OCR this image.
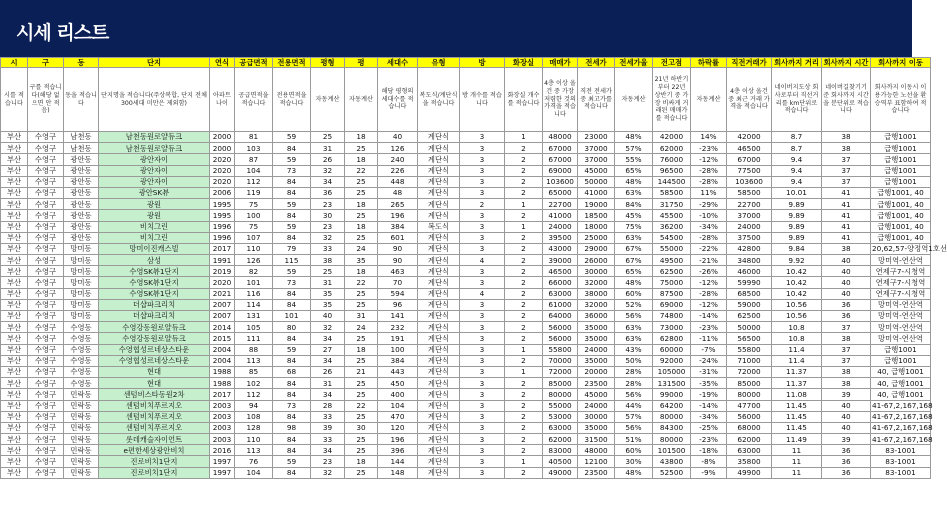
시세 리스트
시	구	동	단지	연식	공급면적	전용면적	평형	평	세대수	유형	방	화장실	매매가	전세가	전세가율	전고점	하락률	직전거래가	회사까지 거리	회사까지 시간	회사까지 이동
시를 적습니다	구를 적습니다(해당 없으면 안 적음)	동을 적습니다	단지명을 적습니다(주상복합, 단지 전체 300세대 미만은 제외함)	아파트 나이	공급면적을 적습니다	전용면적을 적습니다	자동계산	자동계산	해당 평형의 세대수를 적습니다	복도식/계단식을 적습니다	방 개수를 적습니다	화장실 개수를 적습니다	4층 이상 올건 중 가장 저렴한 것의 가격을 적습니다	직전 전세가 중 최고가를 적습니다	자동계산	21년 하반기부터 22년 상반기 중 가장 비싸게 거래된 매매가를 적습니다	자동계산	4층 이상 올건 중 최근 거래 가격을 적습니다	네이버지도상 회사로부터 직선거리를 km단위로 적습니다	네이버길찾기기준 회사까지 시간을 분단위로 적습니다	회사까지 이동시 이용가능한 노선을 환승역부 표함하여 적습니다
부산	수영구	남천동	남천동원로얄듀크	2000	81	59	25	18	40	계단식	3	1	48000	23000	48%	42000	14%	42000	8.7	38	급행1001
부산	수영구	남천동	남천동원로얄듀크	2000	103	84	31	25	126	계단식	3	2	67000	37000	57%	62000	-23%	46500	8.7	38	급행1001
부산	수영구	광안동	광안자이	2020	87	59	26	18	240	계단식	3	2	67000	37000	55%	76000	-12%	67000	9.4	37	급행1001
부산	수영구	광안동	광안자이	2020	104	73	32	22	226	계단식	3	2	69000	45000	65%	96500	-28%	77500	9.4	37	급행1001
부산	수영구	광안동	광안자이	2020	112	84	34	25	448	계단식	3	2	103600	50000	48%	144500	-28%	103600	9.4	37	급행1001
부산	수영구	광안동	광안SK뷰	2006	119	84	36	25	48	계단식	3	2	65000	41000	63%	58500	11%	58500	10.01	41	급행1001, 40
부산	수영구	광안동	광원	1995	75	59	23	18	265	계단식	2	1	22700	19000	84%	31750	-29%	22700	9.89	41	급행1001, 40
부산	수영구	광안동	광원	1995	100	84	30	25	196	계단식	3	2	41000	18500	45%	45500	-10%	37000	9.89	41	급행1001, 40
부산	수영구	광안동	비치그린	1996	75	59	23	18	384	복도식	3	1	24000	18000	75%	36200	-34%	24000	9.89	41	급행1001, 40
부산	수영구	광안동	비치그린	1996	107	84	32	25	601	계단식	3	2	39500	25000	63%	54500	-28%	37500	9.89	41	급행1001, 40
부산	수영구	망미동	망미이진캐스빌	2017	110	79	33	24	90	계단식	3	2	43000	29000	67%	55000	-22%	42800	9.84	38	20,62,57-양정역1호선
부산	수영구	망미동	삼성	1991	126	115	38	35	90	계단식	4	2	39000	26000	67%	49500	-21%	34800	9.92	40	망미역-연산역
부산	수영구	망미동	수영SK뷰1단지	2019	82	59	25	18	463	계단식	3	2	46500	30000	65%	62500	-26%	46000	10.42	40	연제구7-시청역
부산	수영구	망미동	수영SK뷰1단지	2020	101	73	31	22	70	계단식	3	2	66000	32000	48%	75000	-12%	59990	10.42	40	연제구7-시청역
부산	수영구	망미동	수영SK뷰1단지	2021	116	84	35	25	594	계단식	4	2	63000	38000	60%	87500	-28%	68500	10.42	40	연제구7-시청역
부산	수영구	망미동	더샵파크리치	2007	114	84	35	25	96	계단식	3	2	61000	32000	52%	69000	-12%	59000	10.56	36	망미역-연산역
부산	수영구	망미동	더샵파크리치	2007	131	101	40	31	141	계단식	3	2	64000	36000	56%	74800	-14%	62500	10.56	36	망미역-연산역
부산	수영구	수영동	수영강동원로얄듀크	2014	105	80	32	24	232	계단식	3	2	56000	35000	63%	73000	-23%	50000	10.8	37	망미역-연산역
부산	수영구	수영동	수영강동원로얄듀크	2015	111	84	34	25	191	계단식	3	2	56000	35000	63%	62800	-11%	56500	10.8	38	망미역-연산역
부산	수영구	수영동	수영협성르네상스타운	2004	88	59	27	18	100	계단식	3	1	55800	24000	43%	60000	-7%	55800	11.4	37	급행1001
부산	수영구	수영동	수영협성르네상스타운	2004	113	84	34	25	384	계단식	3	2	70000	35000	50%	92000	-24%	71000	11.4	37	급행1001
부산	수영구	수영동	현대	1988	85	68	26	21	443	계단식	3	1	72000	20000	28%	105000	-31%	72000	11.37	38	40, 급행1001
부산	수영구	수영동	현대	1988	102	84	31	25	450	계단식	3	2	85000	23500	28%	131500	-35%	85000	11.37	38	40, 급행1001
부산	수영구	민락동	센텀비스타동원2차	2017	112	84	34	25	400	계단식	3	2	80000	45000	56%	99000	-19%	80000	11.08	39	40, 급행1001
부산	수영구	민락동	센텀비치푸르지오	2003	94	73	28	22	104	계단식	3	2	55000	24000	44%	64200	-14%	47700	11.45	40	41-67,2,167,168
부산	수영구	민락동	센텀비치푸르지오	2003	108	84	33	25	470	계단식	3	2	53000	30000	57%	80000	-34%	56000	11.45	40	41-67,2,167,168
부산	수영구	민락동	센텀비치푸르지오	2003	128	98	39	30	120	계단식	3	2	63000	35000	56%	84300	-25%	68000	11.45	40	41-67,2,167,168
부산	수영구	민락동	롯데캐슬자이언트	2003	110	84	33	25	196	계단식	3	2	62000	31500	51%	80000	-23%	62000	11.49	39	41-67,2,167,168
부산	수영구	민락동	e편한세상광안비치	2016	113	84	34	25	396	계단식	3	2	83000	48000	60%	101500	-18%	63000	11	36	83-1001
부산	수영구	민락동	진로비치1단지	1997	76	59	23	18	144	계단식	3	1	40500	12100	30%	43800	-8%	35800	11	36	83-1001
부산	수영구	민락동	진로비치1단지	1997	104	84	32	25	148	계단식	3	2	49000	23500	48%	52500	-9%	49900	11	36	83-1001
